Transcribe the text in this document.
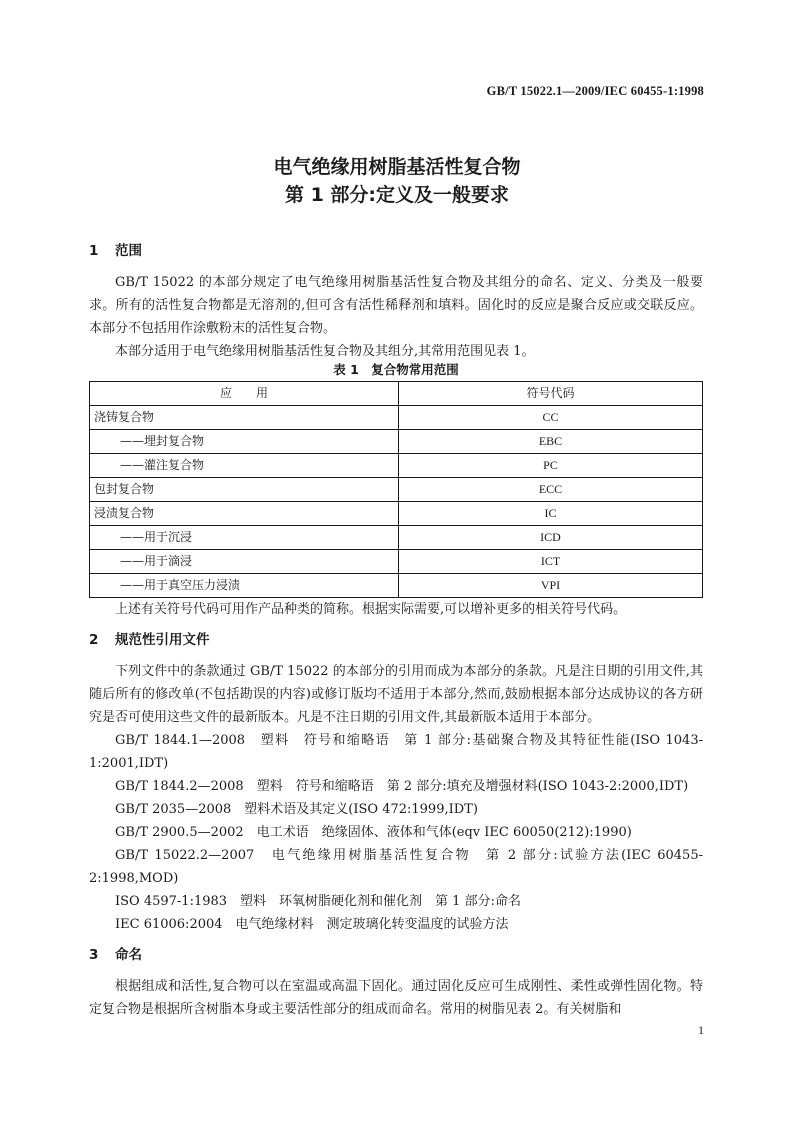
GB/T 15022.1—2009/IEC 60455-1:1998
电气绝缘用树脂基活性复合物
第 1 部分:定义及一般要求
1 范围

GB/T 15022 的本部分规定了电气绝缘用树脂基活性复合物及其组分的命名、定义、分类及一般要求。所有的活性复合物都是无溶剂的,但可含有活性稀释剂和填料。固化时的反应是聚合反应或交联反应。本部分不包括用作涂敷粉末的活性复合物。

本部分适用于电气绝缘用树脂基活性复合物及其组分,其常用范围见表 1。

表 1　复合物常用范围
应　　用	符号代码
浇铸复合物	CC
——埋封复合物	EBC
——灌注复合物	PC
包封复合物	ECC
浸渍复合物	IC
——用于沉浸	ICD
——用于滴浸	ICT
——用于真空压力浸渍	VPI

上述有关符号代码可用作产品种类的简称。根据实际需要,可以增补更多的相关符号代码。

2 规范性引用文件

下列文件中的条款通过 GB/T 15022 的本部分的引用而成为本部分的条款。凡是注日期的引用文件,其随后所有的修改单(不包括勘误的内容)或修订版均不适用于本部分,然而,鼓励根据本部分达成协议的各方研究是否可使用这些文件的最新版本。凡是不注日期的引用文件,其最新版本适用于本部分。

GB/T 1844.1—2008　塑料　符号和缩略语　第 1 部分:基础聚合物及其特征性能(ISO 1043-1:2001,IDT)

GB/T 1844.2—2008　塑料　符号和缩略语　第 2 部分:填充及增强材料(ISO 1043-2:2000,IDT)

GB/T 2035—2008　塑料术语及其定义(ISO 472:1999,IDT)

GB/T 2900.5—2002　电工术语　绝缘固体、液体和气体(eqv IEC 60050(212):1990)

GB/T 15022.2—2007　电气绝缘用树脂基活性复合物　第 2 部分:试验方法(IEC 60455-2:1998,MOD)

ISO 4597-1:1983　塑料　环氧树脂硬化剂和催化剂　第 1 部分:命名

IEC 61006:2004　电气绝缘材料　测定玻璃化转变温度的试验方法

3 命名

根据组成和活性,复合物可以在室温或高温下固化。通过固化反应可生成刚性、柔性或弹性固化物。特定复合物是根据所含树脂本身或主要活性部分的组成而命名。常用的树脂见表 2。有关树脂和

1
